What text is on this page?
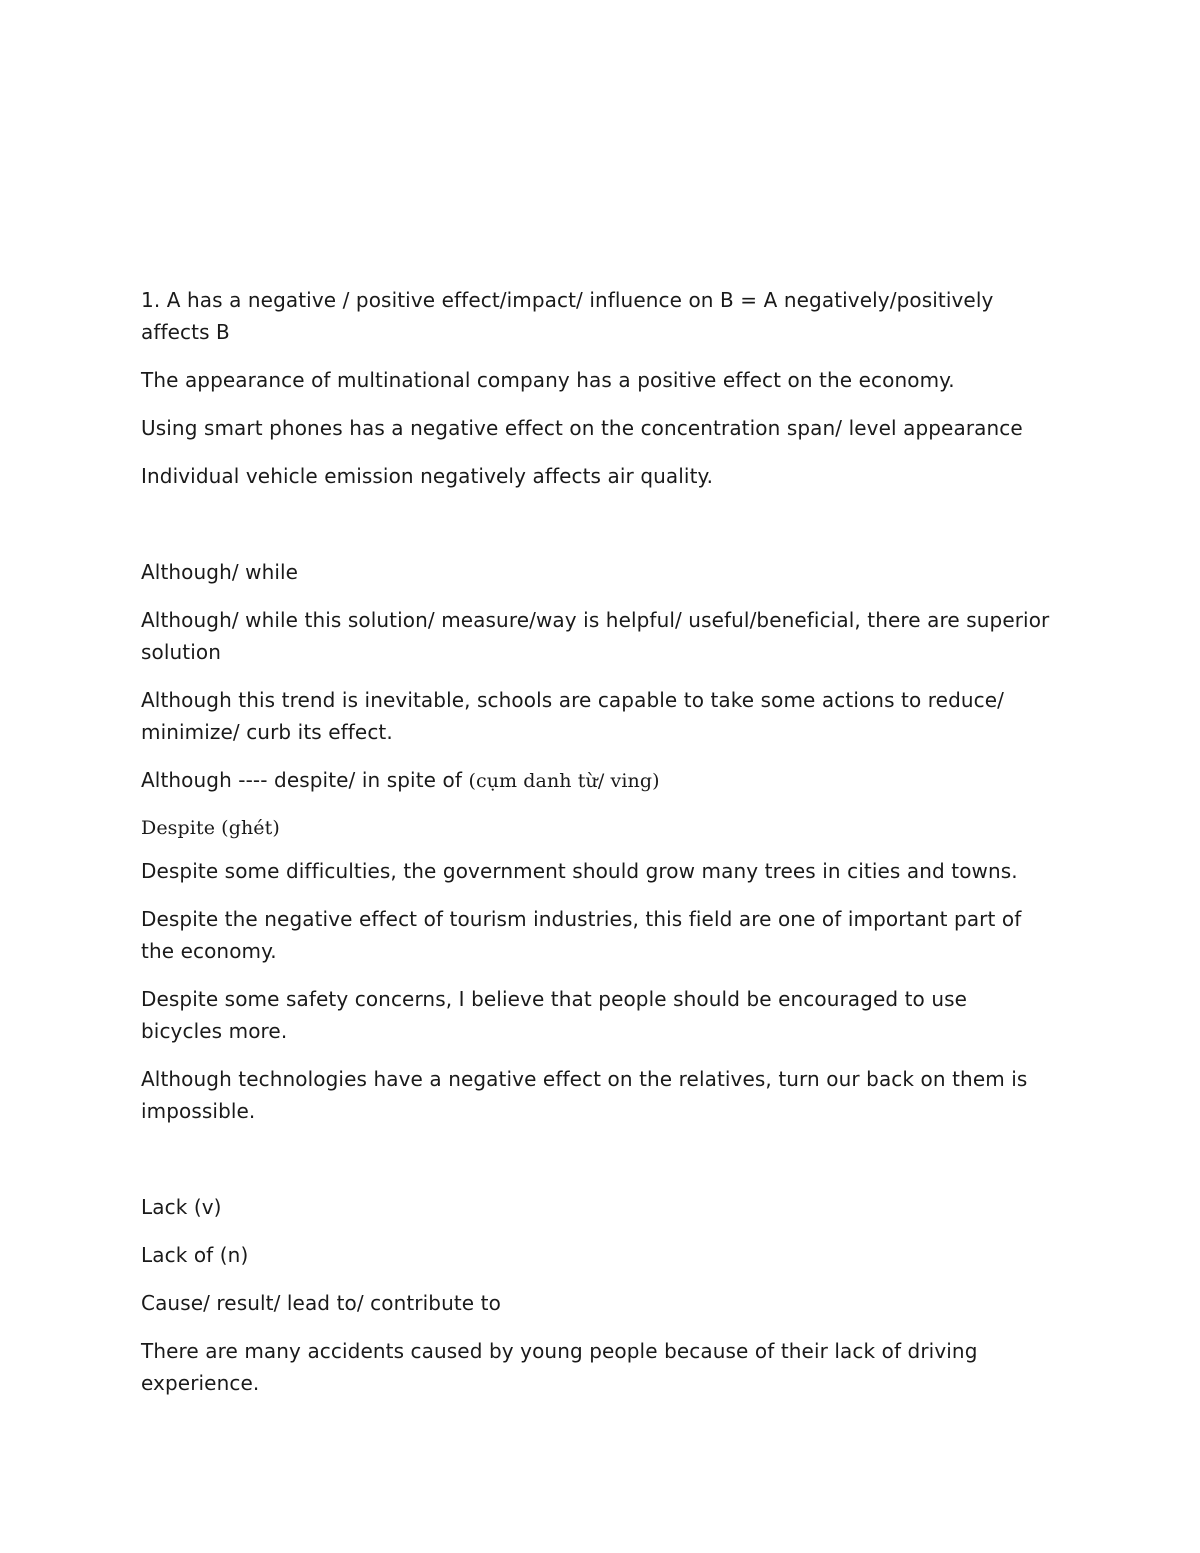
1. A has a negative / positive effect/impact/ influence on B = A negatively/positively affects B

The appearance of multinational company has a positive effect on the economy.

Using smart phones has a negative effect on the concentration span/ level appearance

Individual vehicle emission negatively affects air quality.

Although/ while

Although/ while this solution/ measure/way is helpful/ useful/beneficial, there are superior solution

Although this trend is inevitable, schools are capable to take some actions to reduce/ minimize/ curb its effect.

Although ---- despite/ in spite of (cụm danh từ/ ving)

Despite (ghét)

Despite some difficulties, the government should grow many trees in cities and towns.

Despite the negative effect of tourism industries, this field are one of important part of the economy.

Despite some safety concerns, I believe that people should be encouraged to use bicycles more.

Although technologies have a negative effect on the relatives, turn our back on them is impossible.

Lack (v)

Lack of (n)

Cause/ result/ lead to/ contribute to

There are many accidents caused by young people because of their lack of driving experience.
